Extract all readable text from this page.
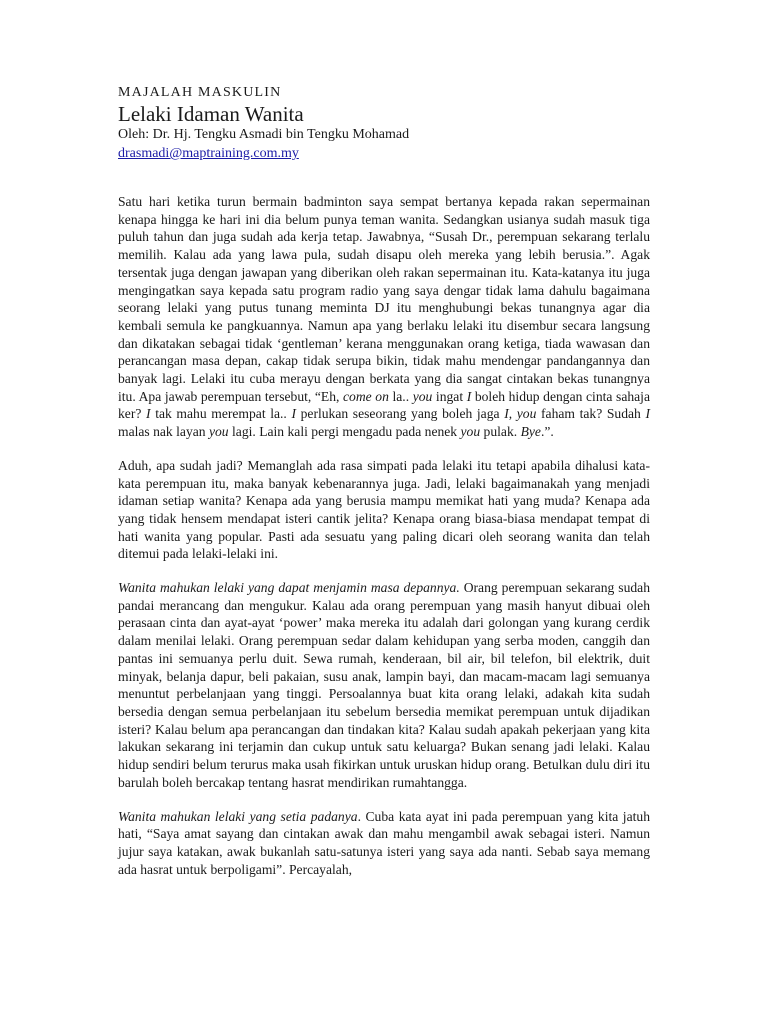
MAJALAH MASKULIN

Lelaki Idaman Wanita

Oleh: Dr. Hj. Tengku Asmadi bin Tengku Mohamad

drasmadi@maptraining.com.my

Satu hari ketika turun bermain badminton saya sempat bertanya kepada rakan sepermainan kenapa hingga ke hari ini dia belum punya teman wanita. Sedangkan usianya sudah masuk tiga puluh tahun dan juga sudah ada kerja tetap. Jawabnya, “Susah Dr., perempuan sekarang terlalu memilih. Kalau ada yang lawa pula, sudah disapu oleh mereka yang lebih berusia.”. Agak tersentak juga dengan jawapan yang diberikan oleh rakan sepermainan itu. Kata-katanya itu juga mengingatkan saya kepada satu program radio yang saya dengar tidak lama dahulu bagaimana seorang lelaki yang putus tunang meminta DJ itu menghubungi bekas tunangnya agar dia kembali semula ke pangkuannya. Namun apa yang berlaku lelaki itu disembur secara langsung dan dikatakan sebagai tidak ‘gentleman’ kerana menggunakan orang ketiga, tiada wawasan dan perancangan masa depan, cakap tidak serupa bikin, tidak mahu mendengar pandangannya dan banyak lagi. Lelaki itu cuba merayu dengan berkata yang dia sangat cintakan bekas tunangnya itu. Apa jawab perempuan tersebut, “Eh, come on la.. you ingat I boleh hidup dengan cinta sahaja ker? I tak mahu merempat la.. I perlukan seseorang yang boleh jaga I, you faham tak? Sudah I malas nak layan you lagi. Lain kali pergi mengadu pada nenek you pulak. Bye.”.

Aduh, apa sudah jadi? Memanglah ada rasa simpati pada lelaki itu tetapi apabila dihalusi kata-kata perempuan itu, maka banyak kebenarannya juga. Jadi, lelaki bagaimanakah yang menjadi idaman setiap wanita? Kenapa ada yang berusia mampu memikat hati yang muda? Kenapa ada yang tidak hensem mendapat isteri cantik jelita? Kenapa orang biasa-biasa mendapat tempat di hati wanita yang popular. Pasti ada sesuatu yang paling dicari oleh seorang wanita dan telah ditemui pada lelaki-lelaki ini.

Wanita mahukan lelaki yang dapat menjamin masa depannya. Orang perempuan sekarang sudah pandai merancang dan mengukur. Kalau ada orang perempuan yang masih hanyut dibuai oleh perasaan cinta dan ayat-ayat ‘power’ maka mereka itu adalah dari golongan yang kurang cerdik dalam menilai lelaki. Orang perempuan sedar dalam kehidupan yang serba moden, canggih dan pantas ini semuanya perlu duit. Sewa rumah, kenderaan, bil air, bil telefon, bil elektrik, duit minyak, belanja dapur, beli pakaian, susu anak, lampin bayi, dan macam-macam lagi semuanya menuntut perbelanjaan yang tinggi. Persoalannya buat kita orang lelaki, adakah kita sudah bersedia dengan semua perbelanjaan itu sebelum bersedia memikat perempuan untuk dijadikan isteri? Kalau belum apa perancangan dan tindakan kita? Kalau sudah apakah pekerjaan yang kita lakukan sekarang ini terjamin dan cukup untuk satu keluarga? Bukan senang jadi lelaki. Kalau hidup sendiri belum terurus maka usah fikirkan untuk uruskan hidup orang. Betulkan dulu diri itu barulah boleh bercakap tentang hasrat mendirikan rumahtangga.

Wanita mahukan lelaki yang setia padanya. Cuba kata ayat ini pada perempuan yang kita jatuh hati, “Saya amat sayang dan cintakan awak dan mahu mengambil awak sebagai isteri. Namun jujur saya katakan, awak bukanlah satu-satunya isteri yang saya ada nanti. Sebab saya memang ada hasrat untuk berpoligami”. Percayalah,
